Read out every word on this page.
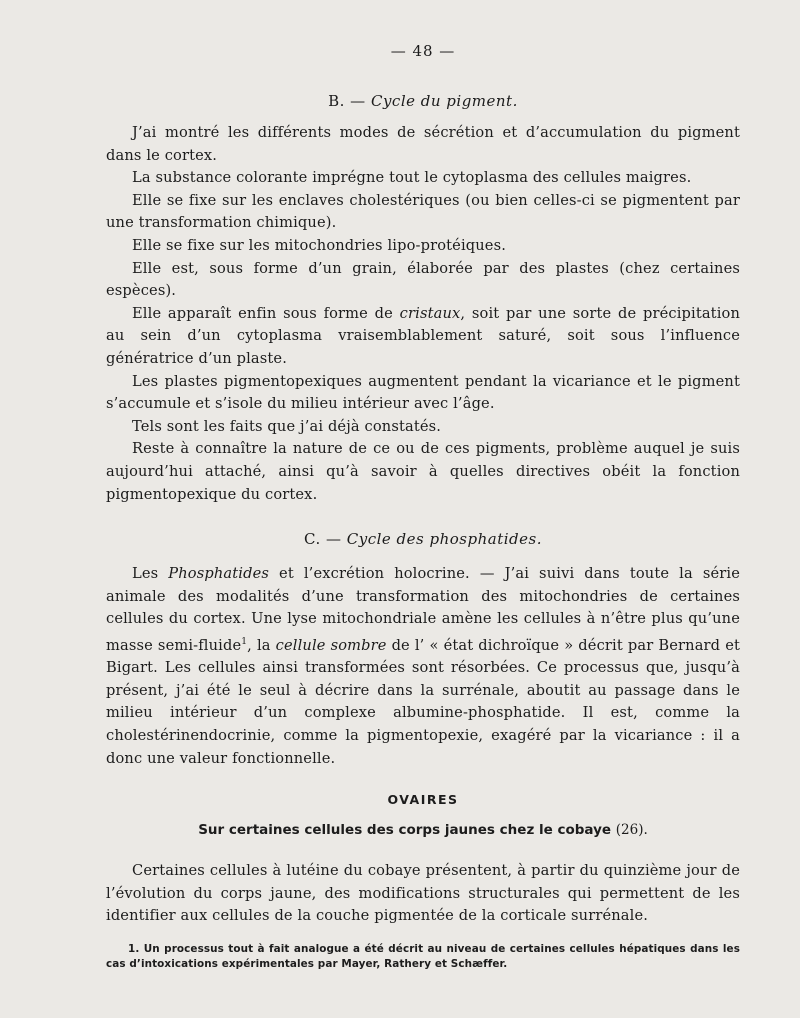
— 48 —
B. — Cycle du pigment.

J’ai montré les différents modes de sécrétion et d’accumulation du pigment dans le cortex.

La substance colorante imprégne tout le cytoplasma des cellules maigres.

Elle se fixe sur les enclaves cholestériques (ou bien celles-ci se pigmentent par une transformation chimique).

Elle se fixe sur les mitochondries lipo-protéiques.

Elle est, sous forme d’un grain, élaborée par des plastes (chez certaines espèces).

Elle apparaît enfin sous forme de cristaux, soit par une sorte de précipitation au sein d’un cytoplasma vraisemblablement saturé, soit sous l’influence génératrice d’un plaste.

Les plastes pigmentopexiques augmentent pendant la vicariance et le pigment s’accumule et s’isole du milieu intérieur avec l’âge.

Tels sont les faits que j’ai déjà constatés.

Reste à connaître la nature de ce ou de ces pigments, problème auquel je suis aujourd’hui attaché, ainsi qu’à savoir à quelles directives obéit la fonction pigmentopexique du cortex.

C. — Cycle des phosphatides.

Les Phosphatides et l’excrétion holocrine. — J’ai suivi dans toute la série animale des modalités d’une transformation des mitochondries de certaines cellules du cortex. Une lyse mitochondriale amène les cellules à n’être plus qu’une masse semi-fluide$^1$, la cellule sombre de l’ « état dichroïque » décrit par Bernard et Bigart. Les cellules ainsi transformées sont résorbées. Ce processus que, jusqu’à présent, j’ai été le seul à décrire dans la surrénale, aboutit au passage dans le milieu intérieur d’un complexe albumine-phosphatide. Il est, comme la cholestérinendocrinie, comme la pigmentopexie, exagéré par la vicariance : il a donc une valeur fonctionnelle.

OVAIRES
Sur certaines cellules des corps jaunes chez le cobaye (26).

Certaines cellules à lutéine du cobaye présentent, à partir du quinzième jour de l’évolution du corps jaune, des modifications structurales qui permettent de les identifier aux cellules de la couche pigmentée de la corticale surrénale.

1. Un processus tout à fait analogue a été décrit au niveau de certaines cellules hépatiques dans les cas d’intoxications expérimentales par Mayer, Rathery et Schæffer.
